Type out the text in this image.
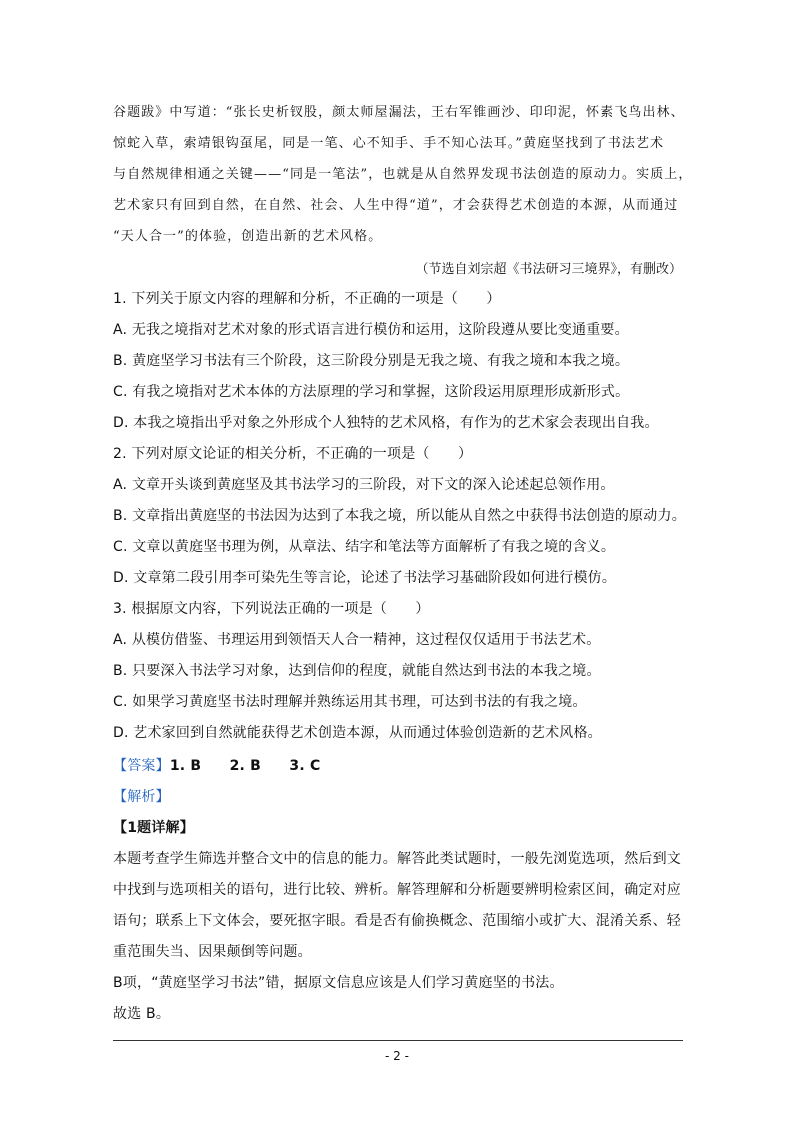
谷题跋》中写道：“张长史析钗股，颜太师屋漏法，王右军锥画沙、印印泥，怀素飞鸟出林、
惊蛇入草，索靖银钩虿尾，同是一笔、心不知手、手不知心法耳。”黄庭坚找到了书法艺术
与自然规律相通之关键——“同是一笔法”，也就是从自然界发现书法创造的原动力。实质上，
艺术家只有回到自然，在自然、社会、人生中得“道”，才会获得艺术创造的本源，从而通过
“天人合一”的体验，创造出新的艺术风格。
（节选自刘宗超《书法研习三境界》，有删改）
1. 下列关于原文内容的理解和分析，不正确的一项是（　　）
A. 无我之境指对艺术对象的形式语言进行模仿和运用，这阶段遵从要比变通重要。
B. 黄庭坚学习书法有三个阶段，这三阶段分别是无我之境、有我之境和本我之境。
C. 有我之境指对艺术本体的方法原理的学习和掌握，这阶段运用原理形成新形式。
D. 本我之境指出乎对象之外形成个人独特的艺术风格，有作为的艺术家会表现出自我。
2. 下列对原文论证的相关分析，不正确的一项是（　　）
A. 文章开头谈到黄庭坚及其书法学习的三阶段，对下文的深入论述起总领作用。
B. 文章指出黄庭坚的书法因为达到了本我之境，所以能从自然之中获得书法创造的原动力。
C. 文章以黄庭坚书理为例，从章法、结字和笔法等方面解析了有我之境的含义。
D. 文章第二段引用李可染先生等言论，论述了书法学习基础阶段如何进行模仿。
3. 根据原文内容，下列说法正确的一项是（　　）
A. 从模仿借鉴、书理运用到领悟天人合一精神，这过程仅仅适用于书法艺术。
B. 只要深入书法学习对象，达到信仰的程度，就能自然达到书法的本我之境。
C. 如果学习黄庭坚书法时理解并熟练运用其书理，可达到书法的有我之境。
D. 艺术家回到自然就能获得艺术创造本源，从而通过体验创造新的艺术风格。
【答案】1. B　　2. B　　3. C
【解析】
【1题详解】
本题考查学生筛选并整合文中的信息的能力。解答此类试题时，一般先浏览选项，然后到文
中找到与选项相关的语句，进行比较、辨析。解答理解和分析题要辨明检索区间，确定对应
语句；联系上下文体会，要死抠字眼。看是否有偷换概念、范围缩小或扩大、混淆关系、轻
重范围失当、因果颠倒等问题。
B项，“黄庭坚学习书法”错，据原文信息应该是人们学习黄庭坚的书法。
故选 B。
- 2 -
